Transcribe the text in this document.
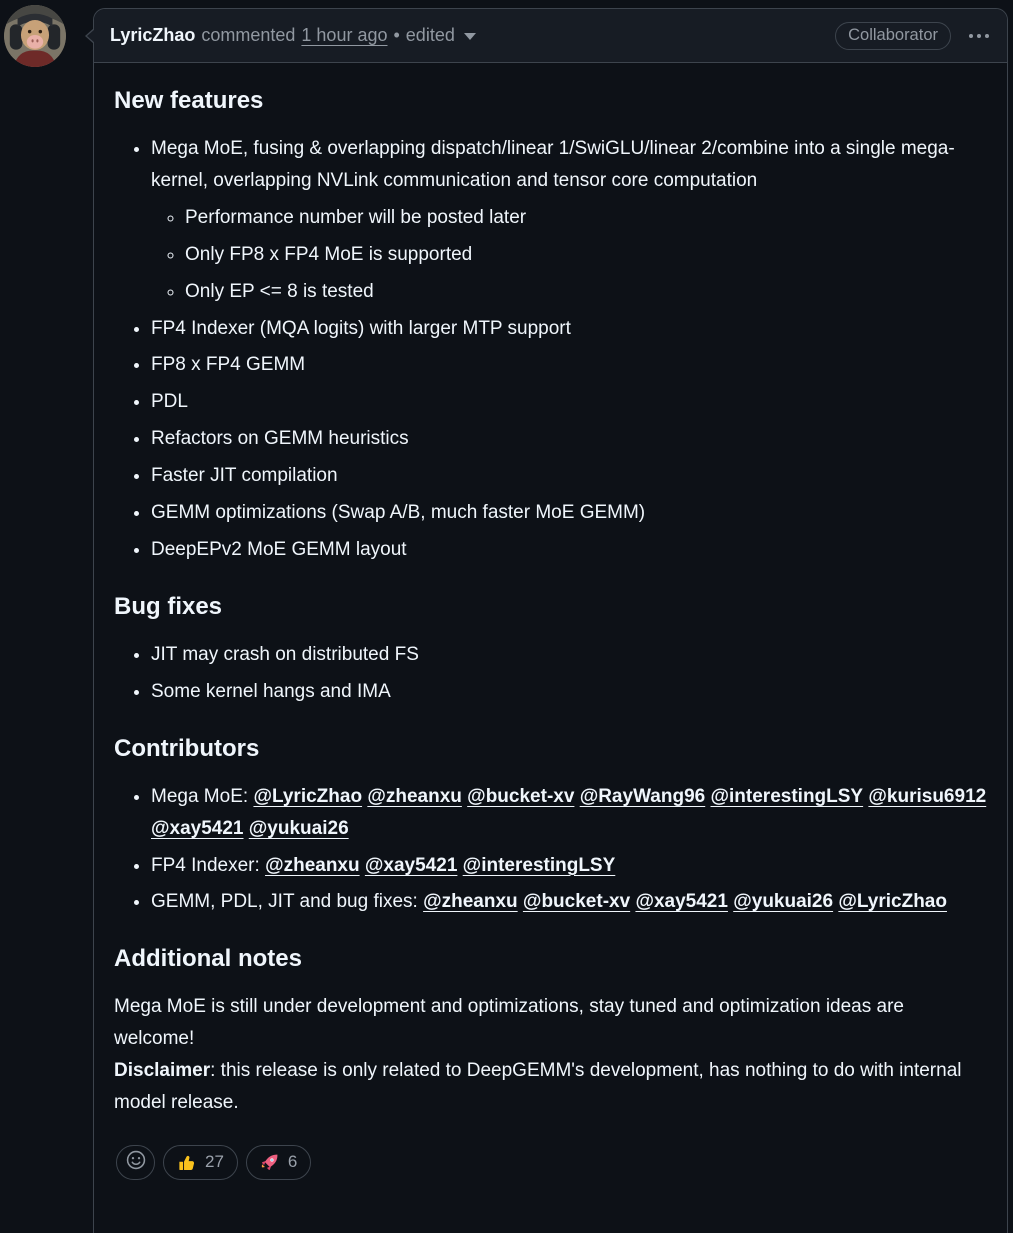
LyricZhao commented 1 hour ago • edited	Collaborator
New features
• Mega MoE, fusing & overlapping dispatch/linear 1/SwiGLU/linear 2/combine into a single mega-kernel, overlapping NVLink communication and tensor core computation
◦ Performance number will be posted later
◦ Only FP8 x FP4 MoE is supported
◦ Only EP <= 8 is tested
• FP4 Indexer (MQA logits) with larger MTP support
• FP8 x FP4 GEMM
• PDL
• Refactors on GEMM heuristics
• Faster JIT compilation
• GEMM optimizations (Swap A/B, much faster MoE GEMM)
• DeepEPv2 MoE GEMM layout
Bug fixes
• JIT may crash on distributed FS
• Some kernel hangs and IMA
Contributors
• Mega MoE: @LyricZhao @zheanxu @bucket-xv @RayWang96 @interestingLSY @kurisu6912 @xay5421 @yukuai26
• FP4 Indexer: @zheanxu @xay5421 @interestingLSY
• GEMM, PDL, JIT and bug fixes: @zheanxu @bucket-xv @xay5421 @yukuai26 @LyricZhao
Additional notes

Mega MoE is still under development and optimizations, stay tuned and optimization ideas are welcome!
Disclaimer: this release is only related to DeepGEMM's development, has nothing to do with internal model release.

27	6
